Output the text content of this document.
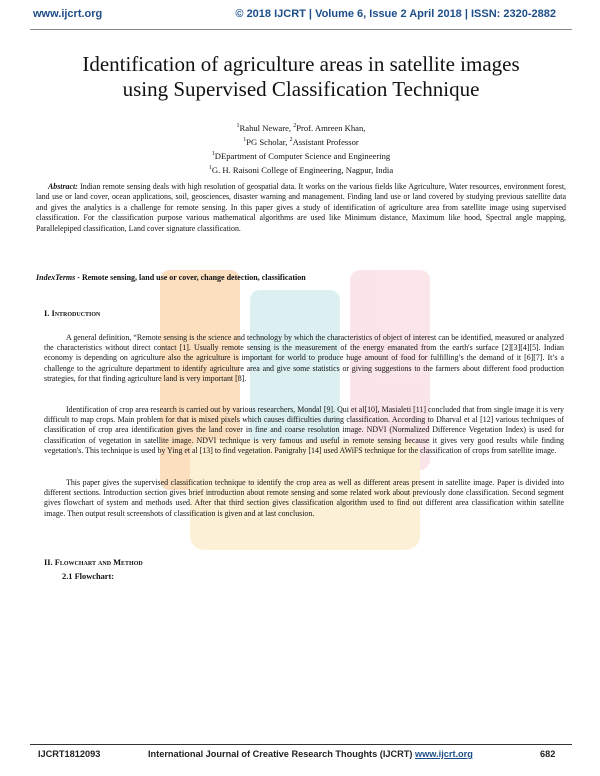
www.ijcrt.org	© 2018 IJCRT | Volume 6, Issue 2 April 2018 | ISSN: 2320-2882
Identification of agriculture areas in satellite images
using Supervised Classification Technique
$^1$Rahul Neware, $^2$Prof. Amreen Khan,
$^1$PG Scholar, $^2$Assistant Professor
$^1$DEpartment of Computer Science and Engineering
$^1$G. H. Raisoni College of Engineering, Nagpur, India
Abstract: Indian remote sensing deals with high resolution of geospatial data. It works on the various fields like Agriculture, Water resources, environment forest, land use or land cover, ocean applications, soil, geosciences, disaster warning and management. Finding land use or land covered by studying previous satellite data and gives the analytics is a challenge for remote sensing. In this paper gives a study of identification of agriculture area from satellite image using supervised classification. For the classification purpose various mathematical algorithms are used like Minimum distance, Maximum like hood, Spectral angle mapping, Parallelepiped classification, Land cover signature classification.
IndexTerms - Remote sensing, land use or cover, change detection, classification
I. Introduction
A general definition, “Remote sensing is the science and technology by which the characteristics of object of interest can be identified, measured or analyzed the characteristics without direct contact [1]. Usually remote sensing is the measurement of the energy emanated from the earth's surface [2][3][4][5]. Indian economy is depending on agriculture also the agriculture is important for world to produce huge amount of food for fulfilling’s the demand of it [6][7]. It’s a challenge to the agriculture department to identify agriculture area and give some statistics or giving suggestions to the farmers about different food production strategies, for that finding agriculture land is very important [8].
Identification of crop area research is carried out by various researchers, Mondal [9]. Qui et al[10], Masialeti [11] concluded that from single image it is very difficult to map crops. Main problem for that is mixed pixels which causes difficulties during classification. According to Dharval et al [12] various techniques of classification of crop area identification gives the land cover in fine and coarse resolution image. NDVI (Normalized Difference Vegetation Index) is used for classification of vegetation in satellite image. NDVI technique is very famous and useful in remote sensing because it gives very good results while finding vegetation's. This technique is used by Ying et al [13] to find vegetation. Panigrahy [14] used AWiFS technique for the classification of crops from satellite image.
This paper gives the supervised classification technique to identify the crop area as well as different areas present in satellite image. Paper is divided into different sections. Introduction section gives brief introduction about remote sensing and some related work about previously done classification. Second segment gives flowchart of system and methods used. After that third section gives classification algorithm used to find out different area classification within satellite image. Then output result screenshots of classification is given and at last conclusion.
II. Flowchart and Method
2.1 Flowchart:
IJCRT1812093	International Journal of Creative Research Thoughts (IJCRT) www.ijcrt.org	682
